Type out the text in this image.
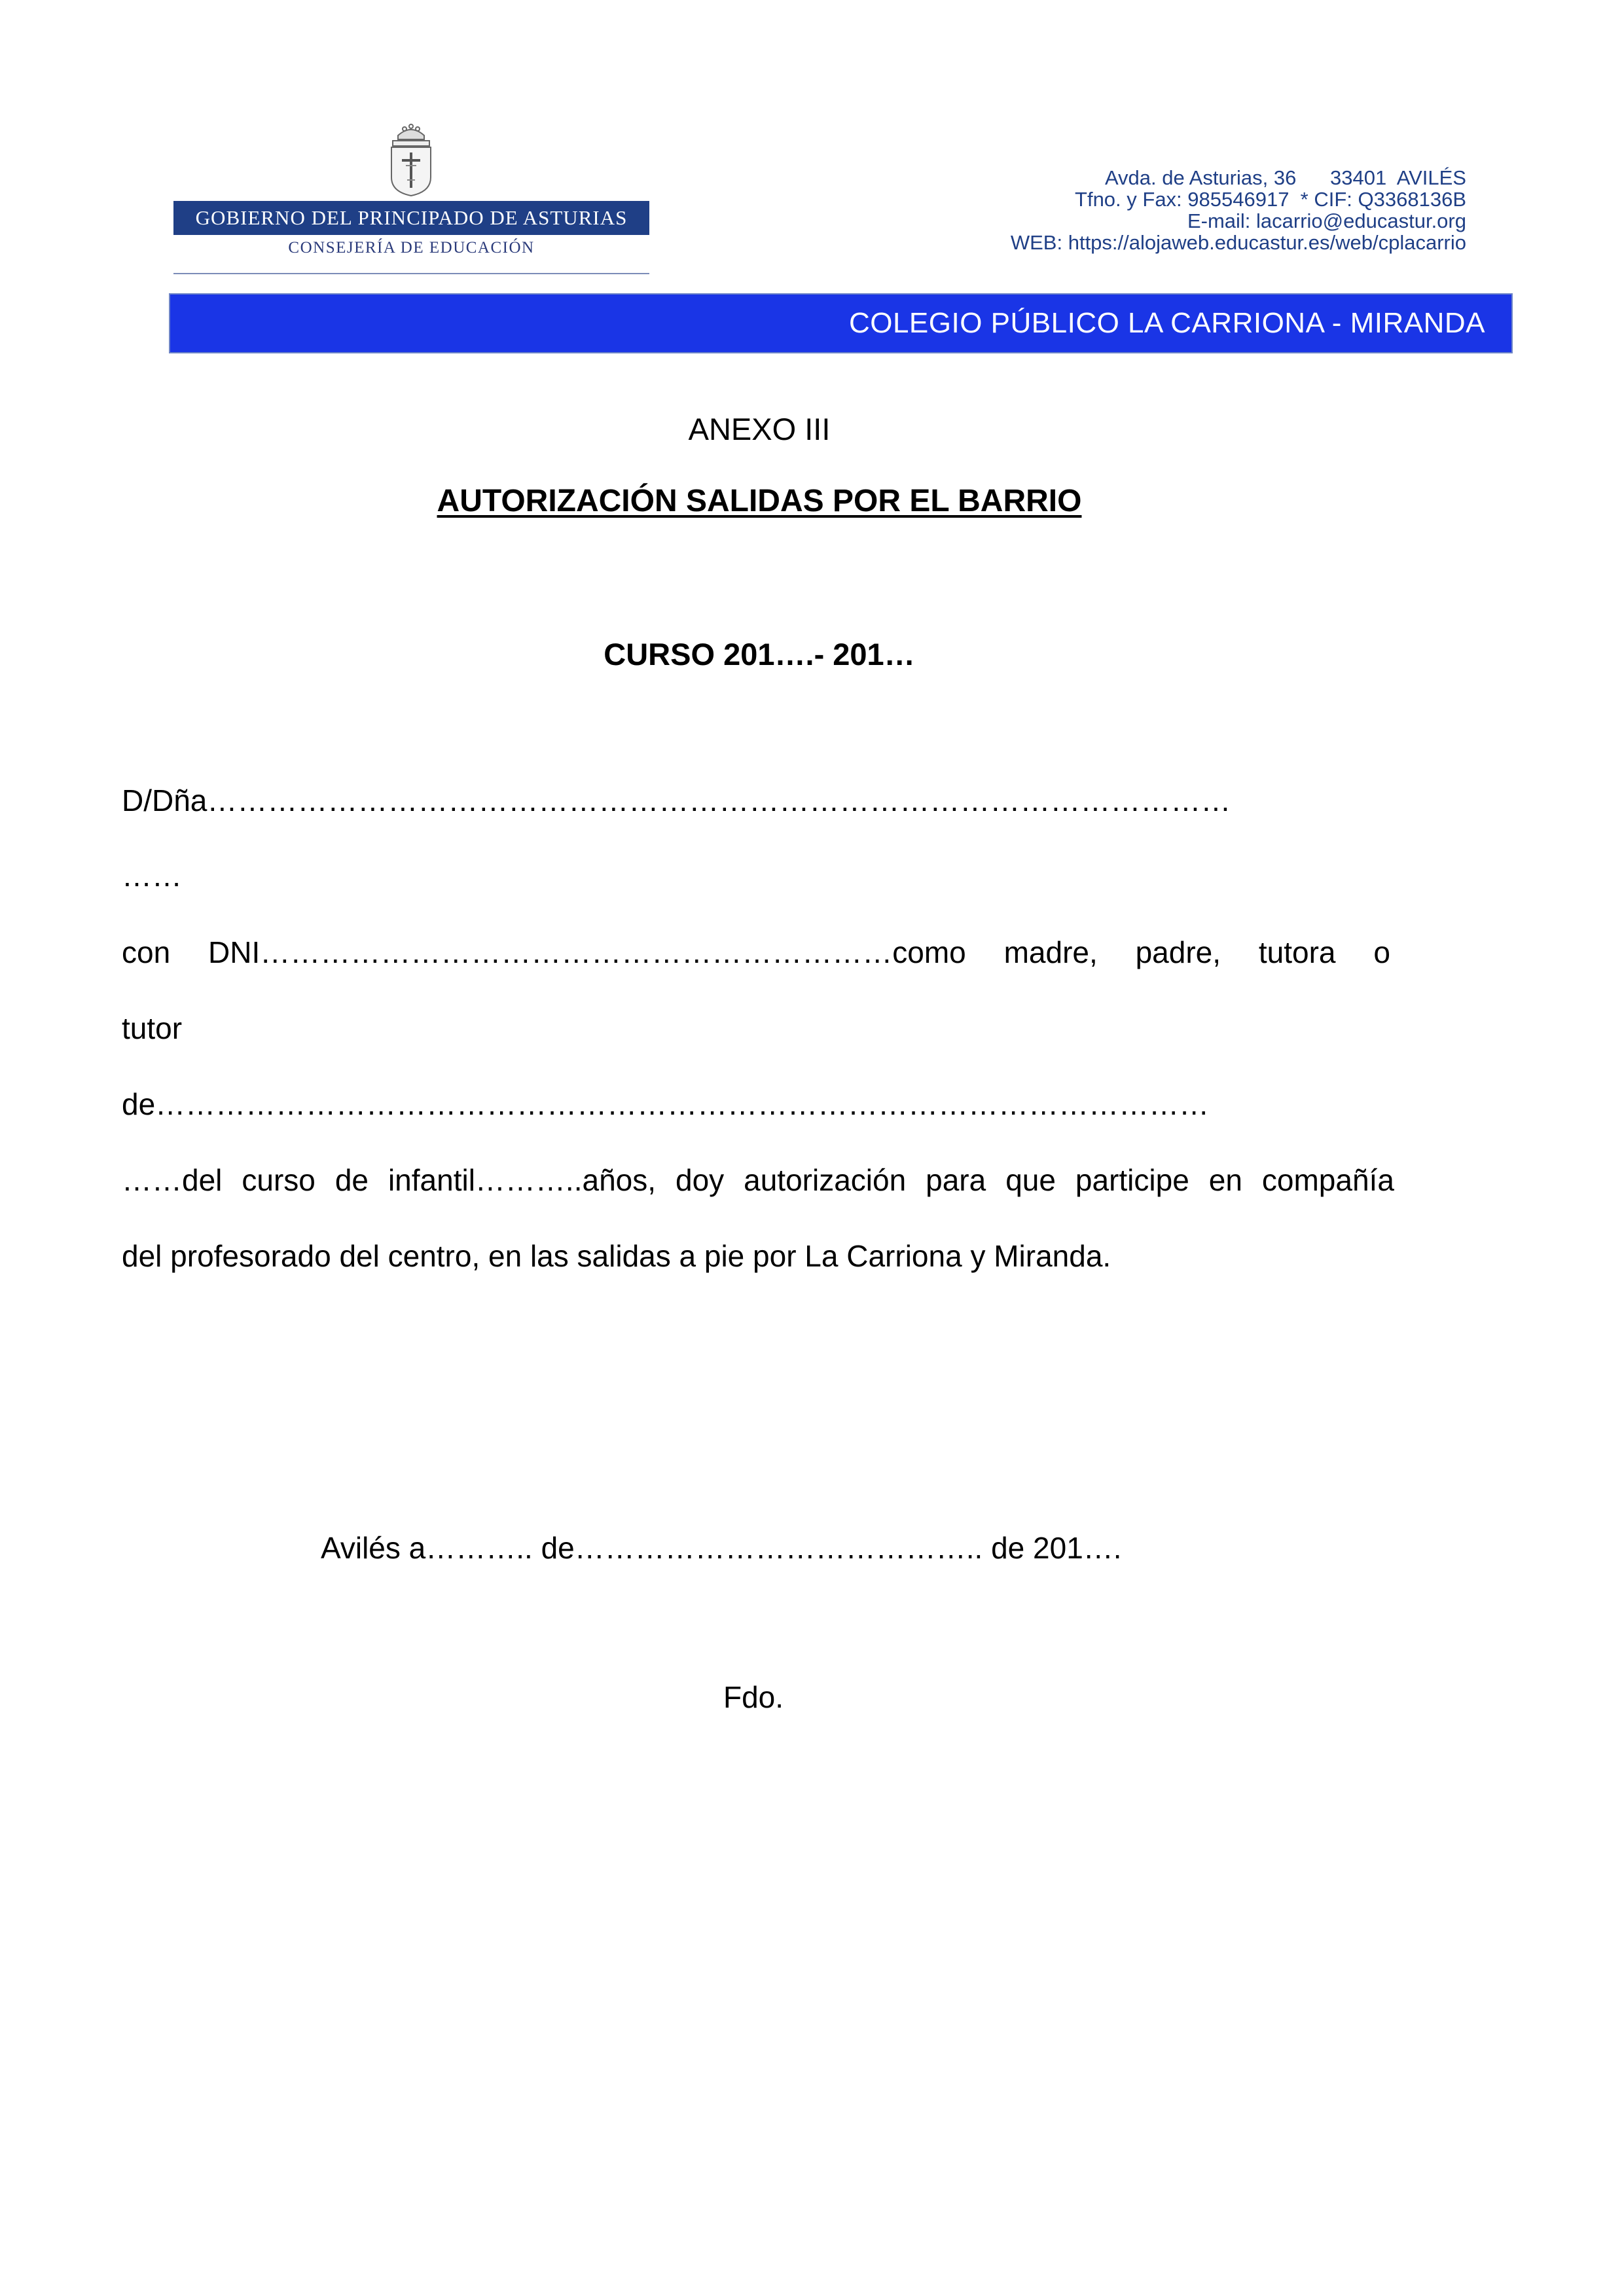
GOBIERNO DEL PRINCIPADO DE ASTURIAS
CONSEJERÍA DE EDUCACIÓN
Avda. de Asturias, 36      33401  AVILÉS
Tfno. y Fax: 985546917  * CIF: Q3368136B
E-mail: lacarrio@educastur.org
WEB: https://alojaweb.educastur.es/web/cplacarrio
COLEGIO PÚBLICO LA CARRIONA - MIRANDA
ANEXO III
AUTORIZACIÓN SALIDAS POR EL BARRIO
CURSO 201….- 201…
D/Dña…………………………………………………………………………………………
……
con DNI………………………………………………………como madre, padre, tutora o
tutor
de……………………………………………………………………………………………
……del curso de infantil………..años, doy autorización para que participe en compañía
del profesorado del centro, en las salidas a pie por La Carriona y Miranda.
Avilés a……….. de………………………………….. de 201….
Fdo.
